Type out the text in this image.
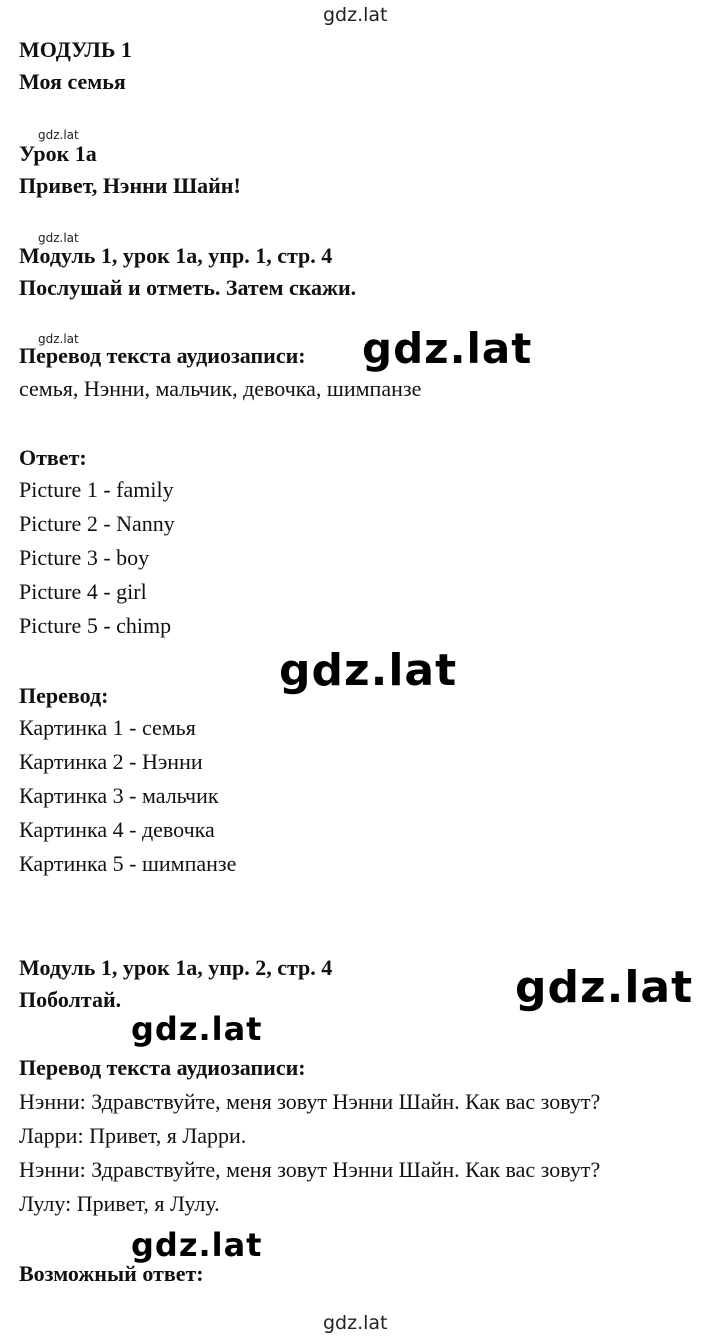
gdz.lat
МОДУЛЬ 1
Моя семья
gdz.lat
Урок 1a
Привет, Нэнни Шайн!
gdz.lat
Модуль 1, урок 1a, упр. 1, стр. 4
Послушай и отметь. Затем скажи.
gdz.lat
Перевод текста аудиозаписи: gdz.lat
семья, Нэнни, мальчик, девочка, шимпанзе
Ответ:
Picture 1 - family
Picture 2 - Nanny
Picture 3 - boy
Picture 4 - girl
Picture 5 - chimp
gdz.lat
Перевод:
Картинка 1 - семья
Картинка 2 - Нэнни
Картинка 3 - мальчик
Картинка 4 - девочка
Картинка 5 - шимпанзе
Модуль 1, урок 1a, упр. 2, стр. 4	gdz.lat
Поболтай.
gdz.lat
Перевод текста аудиозаписи:
Нэнни: Здравствуйте, меня зовут Нэнни Шайн. Как вас зовут?
Ларри: Привет, я Ларри.
Нэнни: Здравствуйте, меня зовут Нэнни Шайн. Как вас зовут?
Лулу: Привет, я Лулу.
gdz.lat
Возможный ответ:
gdz.lat
